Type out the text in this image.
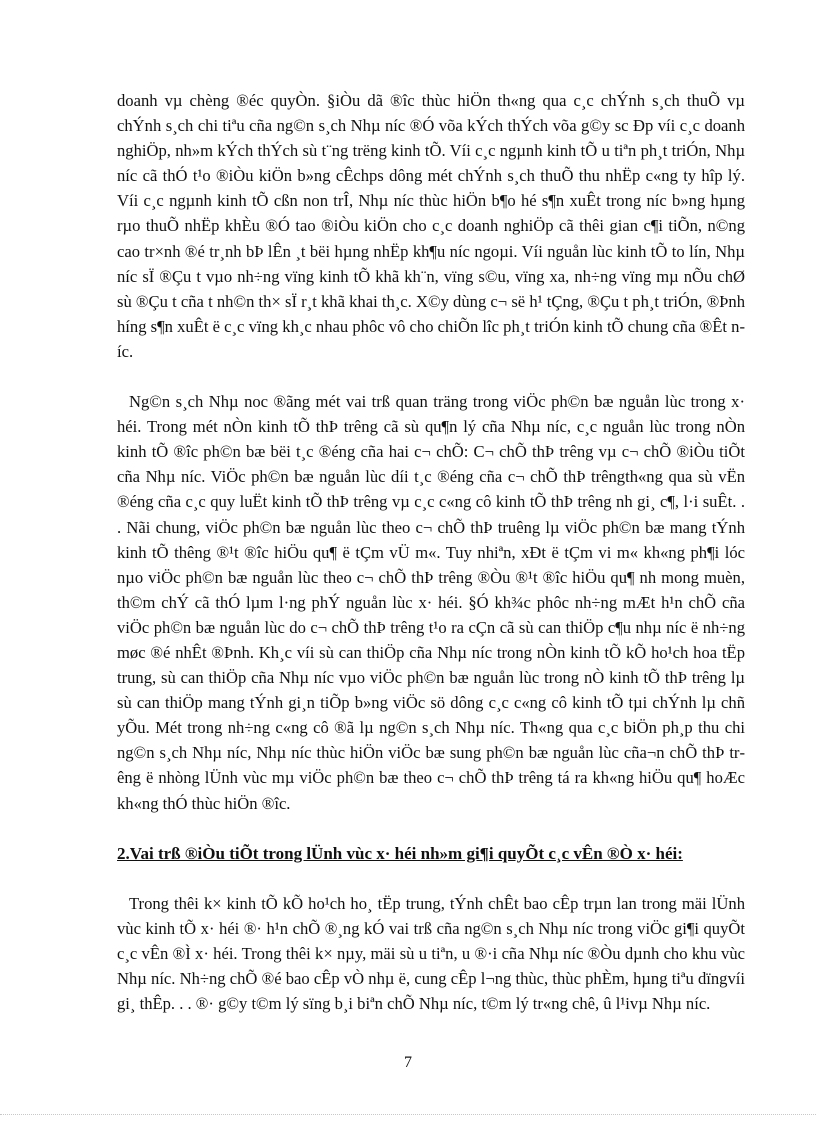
doanh vµ chèng ®éc quyÒn. §iÒu dã ®îc thùc hiÖn th«ng qua c¸c chÝnh s¸ch thuÕ vµ chÝnh s¸ch chi tiªu cña ng©n s¸ch Nhµ níc ®Ó võa kÝch thÝch võa g©y sc Ðp víi c¸c doanh nghiÖp, nh»m kÝch thÝch sù t¨ng trëng kinh tÕ. Víi c¸c ngµnh kinh tÕ u tiªn ph¸t triÓn, Nhµ níc cã thÓ t¹o ®iÒu kiÖn b»ng cÊchps dông mét chÝnh s¸ch thuÕ thu nhËp c«ng ty hîp lý. Víi c¸c ngµnh kinh tÕ cßn non trÎ, Nhµ níc thùc hiÖn b¶o hé s¶n xuÊt trong níc b»ng hµng rµo thuÕ nhËp khÈu ®Ó tao ®iÒu kiÖn cho c¸c doanh nghiÖp cã thêi gian c¶i tiÕn, n©ng cao tr×nh ®é tr¸nh bÞ lÊn ¸t bëi hµng nhËp kh¶u níc ngoµi. Víi nguån lùc kinh tÕ to lín, Nhµ níc sÏ ®Çu t vµo nh÷ng vïng kinh tÕ khã kh¨n, vïng s©u, vïng xa, nh÷ng vïng mµ nÕu chØ sù ®Çu t cña t nh©n th× sÏ r¸t khã khai th¸c. X©y dùng c¬ së h¹ tÇng, ®Çu t ph¸t triÓn, ®Þnh híng s¶n xuÊt ë c¸c vïng kh¸c nhau phôc vô cho chiÕn lîc ph¸t triÓn kinh tÕ chung cña ®Êt níc.

Ng©n s¸ch Nhµ noc ®ãng mét vai trß quan träng trong viÖc ph©n bæ nguån lùc trong x· héi. Trong mét nÒn kinh tÕ thÞ trêng cã sù qu¶n lý cña Nhµ níc, c¸c nguån lùc trong nÒn kinh tÕ ®îc ph©n bæ bëi t¸c ®éng cña hai c¬ chÕ: C¬ chÕ thÞ trêng vµ c¬ chÕ ®iÒu tiÕt cña Nhµ níc. ViÖc ph©n bæ nguån lùc díi t¸c ®éng cña c¬ chÕ thÞ trêngth«ng qua sù vËn ®éng cña c¸c quy luËt kinh tÕ thÞ trêng vµ c¸c c«ng cô kinh tÕ thÞ trêng nh gi¸ c¶, l·i suÊt. . . Nãi chung, viÖc ph©n bæ nguån lùc theo c¬ chÕ thÞ truêng lµ viÖc ph©n bæ mang tÝnh kinh tÕ thêng ®¹t ®îc hiÖu qu¶ ë tÇm vÜ m«. Tuy nhiªn, xÐt ë tÇm vi m« kh«ng ph¶i lóc nµo viÖc ph©n bæ nguån lùc theo c¬ chÕ thÞ trêng ®Òu ®¹t ®îc hiÖu qu¶ nh mong muèn, th©m chÝ cã thÓ lµm l·ng phÝ nguån lùc x· héi. §Ó kh¾c phôc nh÷ng mÆt h¹n chÕ cña viÖc ph©n bæ nguån lùc do c¬ chÕ thÞ trêng t¹o ra cÇn cã sù can thiÖp c¶u nhµ níc ë nh÷ng møc ®é nhÊt ®Þnh. Kh¸c víi sù can thiÖp cña Nhµ níc trong nÒn kinh tÕ kÕ ho¹ch hoa tËp trung, sù can thiÖp cña Nhµ níc vµo viÖc ph©n bæ nguån lùc trong nÒ kinh tÕ thÞ trêng lµ sù can thiÖp mang tÝnh gi¸n tiÕp b»ng viÖc sö dông c¸c c«ng cô kinh tÕ tµi chÝnh lµ chñ yÕu. Mét trong nh÷ng c«ng cô ®ã lµ ng©n s¸ch Nhµ níc. Th«ng qua c¸c biÖn ph¸p thu chi ng©n s¸ch Nhµ níc, Nhµ níc thùc hiÖn viÖc bæ sung ph©n bæ nguån lùc cña¬n chÕ thÞ trêng ë nhòng lÜnh vùc mµ viÖc ph©n bæ theo c¬ chÕ thÞ trêng tá ra kh«ng hiÖu qu¶ hoÆc kh«ng thÓ thùc hiÖn ®îc.

2.Vai trß ®iÒu tiÕt trong lÜnh vùc x· héi nh»m gi¶i quyÕt c¸c vÊn ®Ò x· héi:

Trong thêi k× kinh tÕ kÕ ho¹ch ho¸ tËp trung, tÝnh chÊt bao cÊp trµn lan trong mäi lÜnh vùc kinh tÕ x· héi ®· h¹n chÕ ®¸ng kÓ vai trß cña ng©n s¸ch Nhµ níc trong viÖc gi¶i quyÕt c¸c vÊn ®Ì x· héi. Trong thêi k× nµy, mäi sù u tiªn, u ®·i cña Nhµ níc ®Òu dµnh cho khu vùc Nhµ níc. Nh÷ng chÕ ®é bao cÊp vÒ nhµ ë, cung cÊp l¬ng thùc, thùc phÈm, hµng tiªu dïngvíi gi¸ thÊp. . . ®· g©y t©m lý sïng b¸i biªn chÕ Nhµ níc, t©m lý tr«ng chê, û l¹ivµ Nhµ níc.

7
